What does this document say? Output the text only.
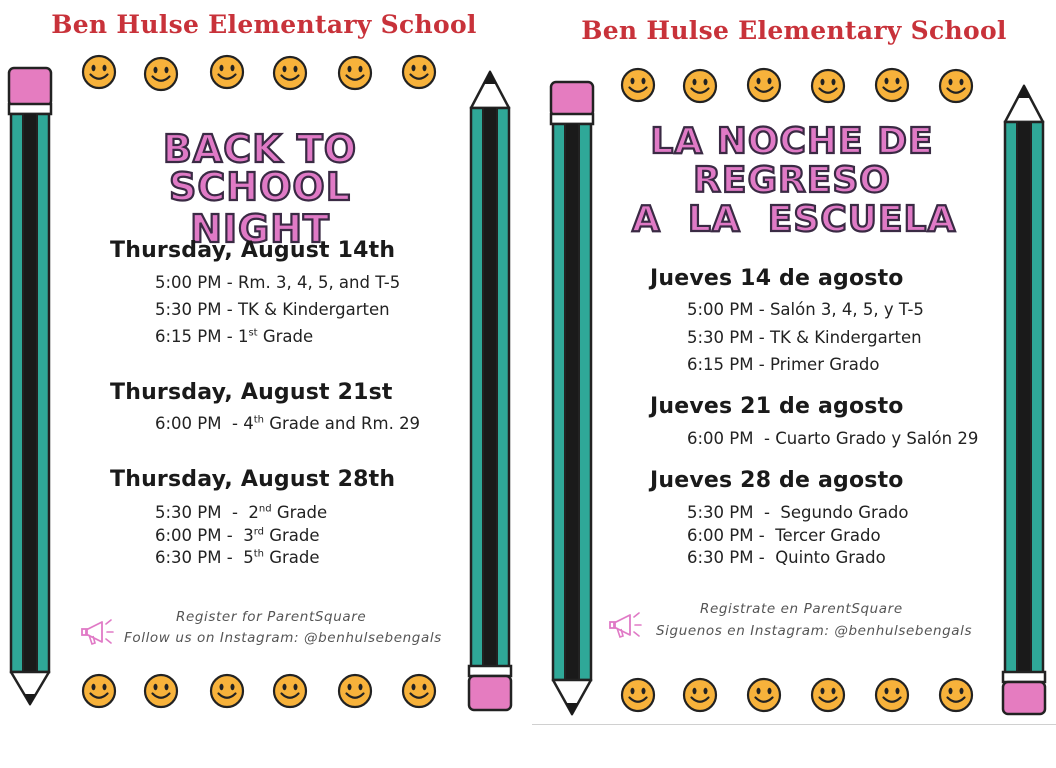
Ben Hulse Elementary School
BACK TO SCHOOL
NIGHT
Thursday, August 14th
5:00 PM - Rm. 3, 4, 5, and T-5
5:30 PM - TK & Kindergarten
6:15 PM - 1st Grade
Thursday, August 21st
6:00 PM  - 4th Grade and Rm. 29
Thursday, August 28th
5:30 PM  -  2nd Grade
6:00 PM -  3rd Grade
6:30 PM -  5th Grade
Register for ParentSquare
Follow us on Instagram: @benhulsebengals
Ben Hulse Elementary School
LA NOCHE DE
REGRESO
A  LA  ESCUELA
Jueves 14 de agosto
5:00 PM - Salón 3, 4, 5, y T-5
5:30 PM - TK & Kindergarten
6:15 PM - Primer Grado
Jueves 21 de agosto
6:00 PM  - Cuarto Grado y Salón 29
Jueves 28 de agosto
5:30 PM  -  Segundo Grado
6:00 PM -  Tercer Grado
6:30 PM -  Quinto Grado
Registrate en ParentSquare
Siguenos en Instagram: @benhulsebengals
